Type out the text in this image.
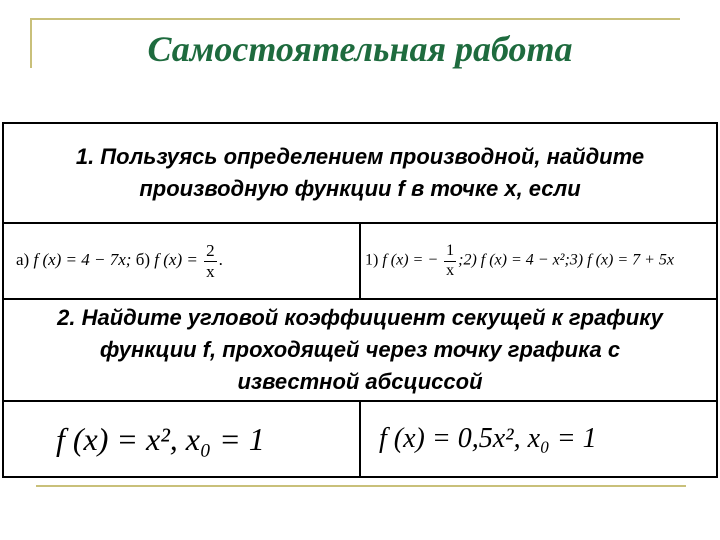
Самостоятельная работа
1. Пользуясь определением производной, найдите производную функции f в точке x, если	
a) f (x) = 4 − 7x; б) f $(x) = \frac{2}{x}$ .	1) f (x) = − $\frac{1}{x}$ ;2) f (x) = 4 − x²;3) f (x) = 7 + 5x
2. Найдите угловой коэффициент секущей к графику функции f, проходящей через точку графика с известной абсциссой	
f (x) = x², x₀ = 1	f (x) = 0,5x², x₀ = 1
